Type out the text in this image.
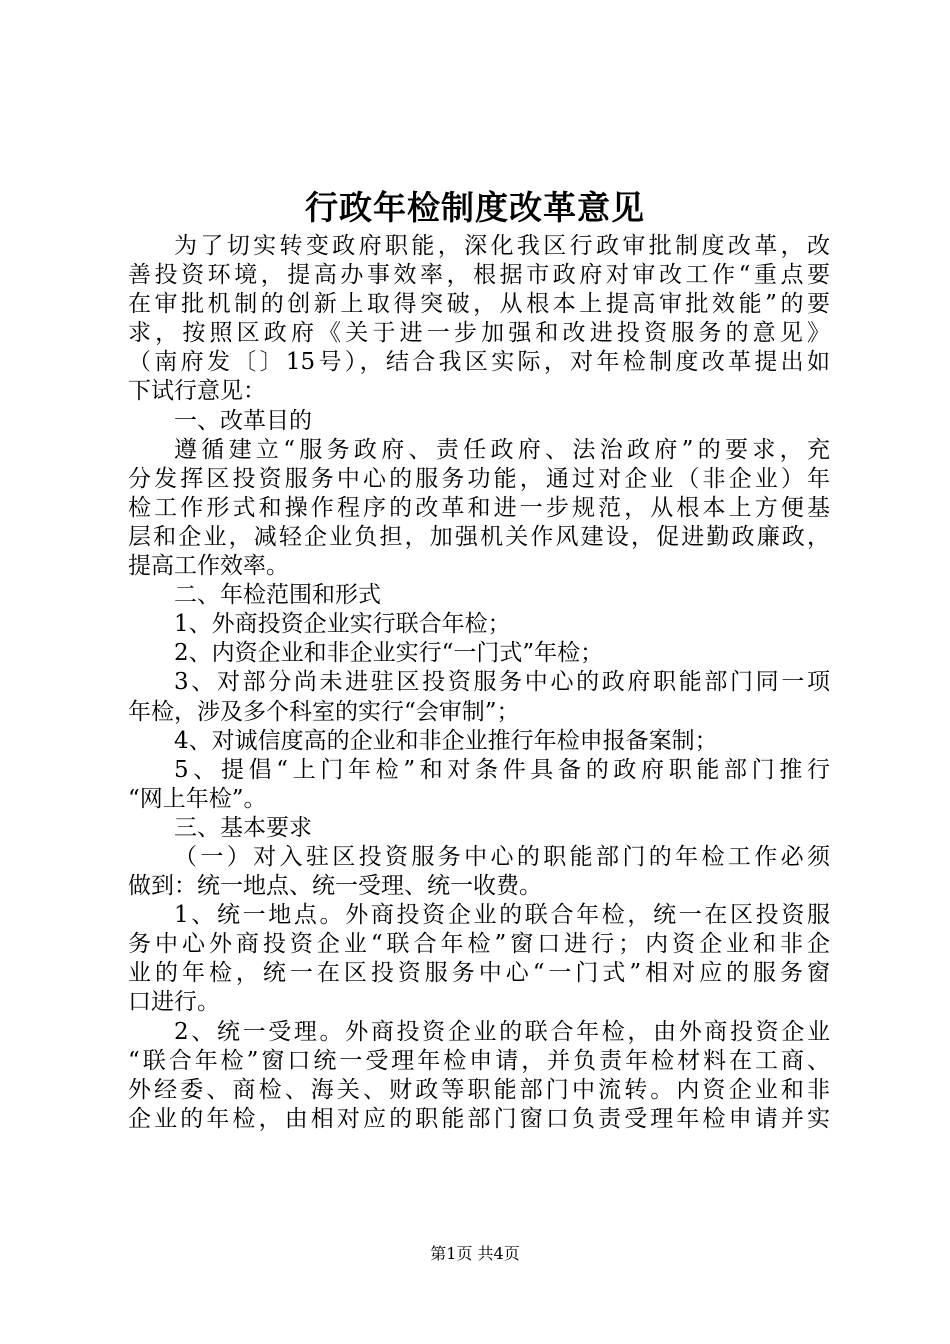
行政年检制度改革意见
为了切实转变政府职能，深化我区行政审批制度改革，改
善投资环境，提高办事效率，根据市政府对审改工作“重点要
在审批机制的创新上取得突破，从根本上提高审批效能”的要
求，按照区政府《关于进一步加强和改进投资服务的意见》
（南府发〔〕15号），结合我区实际，对年检制度改革提出如
下试行意见：
一、改革目的
遵循建立“服务政府、责任政府、法治政府”的要求，充
分发挥区投资服务中心的服务功能，通过对企业（非企业）年
检工作形式和操作程序的改革和进一步规范，从根本上方便基
层和企业，减轻企业负担，加强机关作风建设，促进勤政廉政，
提高工作效率。
二、年检范围和形式
1、外商投资企业实行联合年检；
2、内资企业和非企业实行“一门式”年检；
3、对部分尚未进驻区投资服务中心的政府职能部门同一项
年检，涉及多个科室的实行“会审制”；
4、对诚信度高的企业和非企业推行年检申报备案制；
5、提倡“上门年检”和对条件具备的政府职能部门推行
“网上年检”。
三、基本要求
（一）对入驻区投资服务中心的职能部门的年检工作必须
做到：统一地点、统一受理、统一收费。
1、统一地点。外商投资企业的联合年检，统一在区投资服
务中心外商投资企业“联合年检”窗口进行；内资企业和非企
业的年检，统一在区投资服务中心“一门式”相对应的服务窗
口进行。
2、统一受理。外商投资企业的联合年检，由外商投资企业
“联合年检”窗口统一受理年检申请，并负责年检材料在工商、
外经委、商检、海关、财政等职能部门中流转。内资企业和非
企业的年检，由相对应的职能部门窗口负责受理年检申请并实
第1页 共4页
